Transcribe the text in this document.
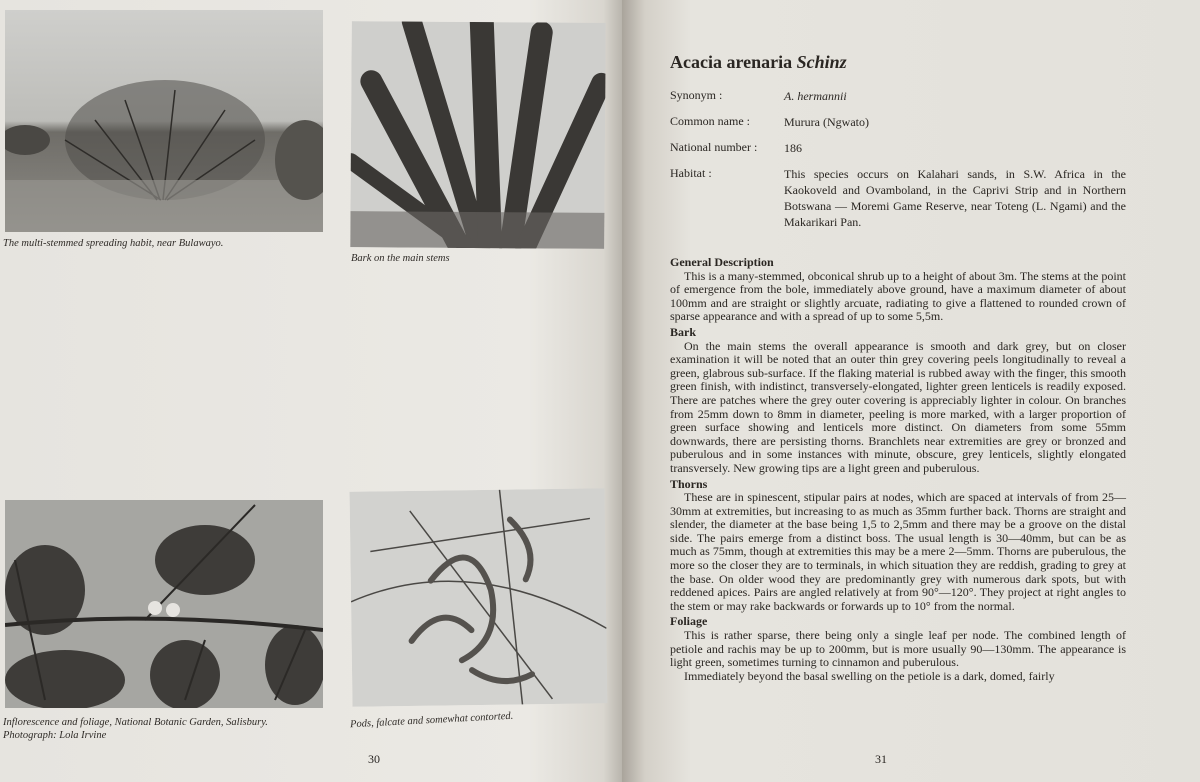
The multi-stemmed spreading habit, near Bulawayo.
Bark on the main stems
Inflorescence and foliage, National Botanic Garden, Salisbury.
Photograph: Lola Irvine
Pods, falcate and somewhat contorted.
30
Acacia arenaria Schinz
Synonym :	A. hermannii
Common name :	Murura (Ngwato)
National number :	186
Habitat :	This species occurs on Kalahari sands, in S.W. Africa in the Kaokoveld and Ovamboland, in the Caprivi Strip and in Northern Botswana — Moremi Game Reserve, near Toteng (L. Ngami) and the Makarikari Pan.
General Description

This is a many-stemmed, obconical shrub up to a height of about 3m. The stems at the point of emergence from the bole, immediately above ground, have a maximum diameter of about 100mm and are straight or slightly arcuate, radiating to give a flattened to rounded crown of sparse appearance and with a spread of up to some 5,5m.

Bark

On the main stems the overall appearance is smooth and dark grey, but on closer examination it will be noted that an outer thin grey covering peels longitudinally to reveal a green, glabrous sub-surface. If the flaking material is rubbed away with the finger, this smooth green finish, with indistinct, transversely-elongated, lighter green lenticels is readily exposed. There are patches where the grey outer covering is appreciably lighter in colour. On branches from 25mm down to 8mm in diameter, peeling is more marked, with a larger proportion of green surface showing and lenticels more distinct. On diameters from some 55mm downwards, there are persisting thorns. Branchlets near extremities are grey or bronzed and puberulous and in some instances with minute, obscure, grey lenticels, slightly elongated transversely. New growing tips are a light green and puberulous.

Thorns

These are in spinescent, stipular pairs at nodes, which are spaced at intervals of from 25—30mm at extremities, but increasing to as much as 35mm further back. Thorns are straight and slender, the diameter at the base being 1,5 to 2,5mm and there may be a groove on the distal side. The pairs emerge from a distinct boss. The usual length is 30—40mm, but can be as much as 75mm, though at extremities this may be a mere 2—5mm. Thorns are puberulous, the more so the closer they are to terminals, in which situation they are reddish, grading to grey at the base. On older wood they are predominantly grey with numerous dark spots, but with reddened apices. Pairs are angled relatively at from 90°—120°. They project at right angles to the stem or may rake backwards or forwards up to 10° from the normal.

Foliage

This is rather sparse, there being only a single leaf per node. The combined length of petiole and rachis may be up to 200mm, but is more usually 90—130mm. The appearance is light green, sometimes turning to cinnamon and puberulous.

Immediately beyond the basal swelling on the petiole is a dark, domed, fairly

31
